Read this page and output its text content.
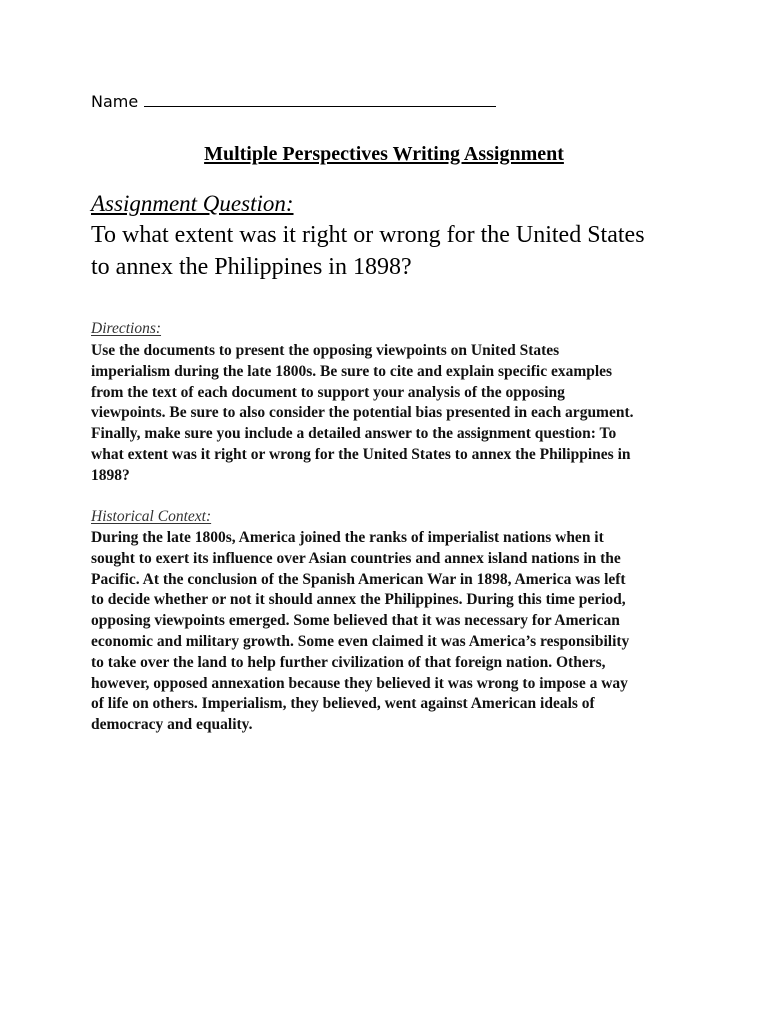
Name
Multiple Perspectives Writing Assignment
Assignment Question:
To what extent was it right or wrong for the United States
to annex the Philippines in 1898?
Directions:
Use the documents to present the opposing viewpoints on United States
imperialism during the late 1800s. Be sure to cite and explain specific examples
from the text of each document to support your analysis of the opposing
viewpoints. Be sure to also consider the potential bias presented in each argument.
Finally, make sure you include a detailed answer to the assignment question: To
what extent was it right or wrong for the United States to annex the Philippines in
1898?
Historical Context:
During the late 1800s, America joined the ranks of imperialist nations when it
sought to exert its influence over Asian countries and annex island nations in the
Pacific. At the conclusion of the Spanish American War in 1898, America was left
to decide whether or not it should annex the Philippines. During this time period,
opposing viewpoints emerged. Some believed that it was necessary for American
economic and military growth. Some even claimed it was America’s responsibility
to take over the land to help further civilization of that foreign nation. Others,
however, opposed annexation because they believed it was wrong to impose a way
of life on others. Imperialism, they believed, went against American ideals of
democracy and equality.
